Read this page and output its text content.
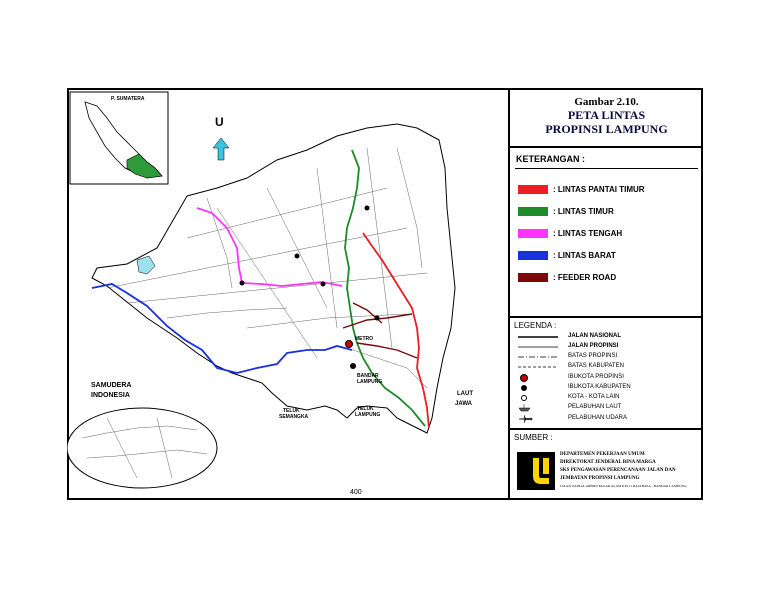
P. SUMATERA
U
SAMUDERA
INDONESIA	LAUT
JAWA
METRO
BANDAR
LAMPUNG
TELUK
SEMANGKA
TELUK
LAMPUNG
400
Gambar 2.10.
PETA LINTAS
PROPINSI LAMPUNG
KETERANGAN :
: LINTAS PANTAI TIMUR
: LINTAS TIMUR
: LINTAS TENGAH
: LINTAS BARAT
: FEEDER ROAD
LEGENDA :
JALAN NASIONAL
JALAN PROPINSI
BATAS PROPINSI
BATAS KABUPATEN
IBUKOTA PROPINSI
IBUKOTA KABUPATEN
KOTA - KOTA LAIN
PELABUHAN LAUT
PELABUHAN UDARA
SUMBER :
DEPARTEMEN PEKERJAAN UMUM
DIREKTORAT JENDERAL BINA MARGA
SKS PENGAWASAN PERENCANAAN JALAN DAN
JEMBATAN PROPINSI LAMPUNG
JALAN ZAINAL ABIDIN PAGAR ALAM KM 11 RAJABASA - BANDAR LAMPUNG
